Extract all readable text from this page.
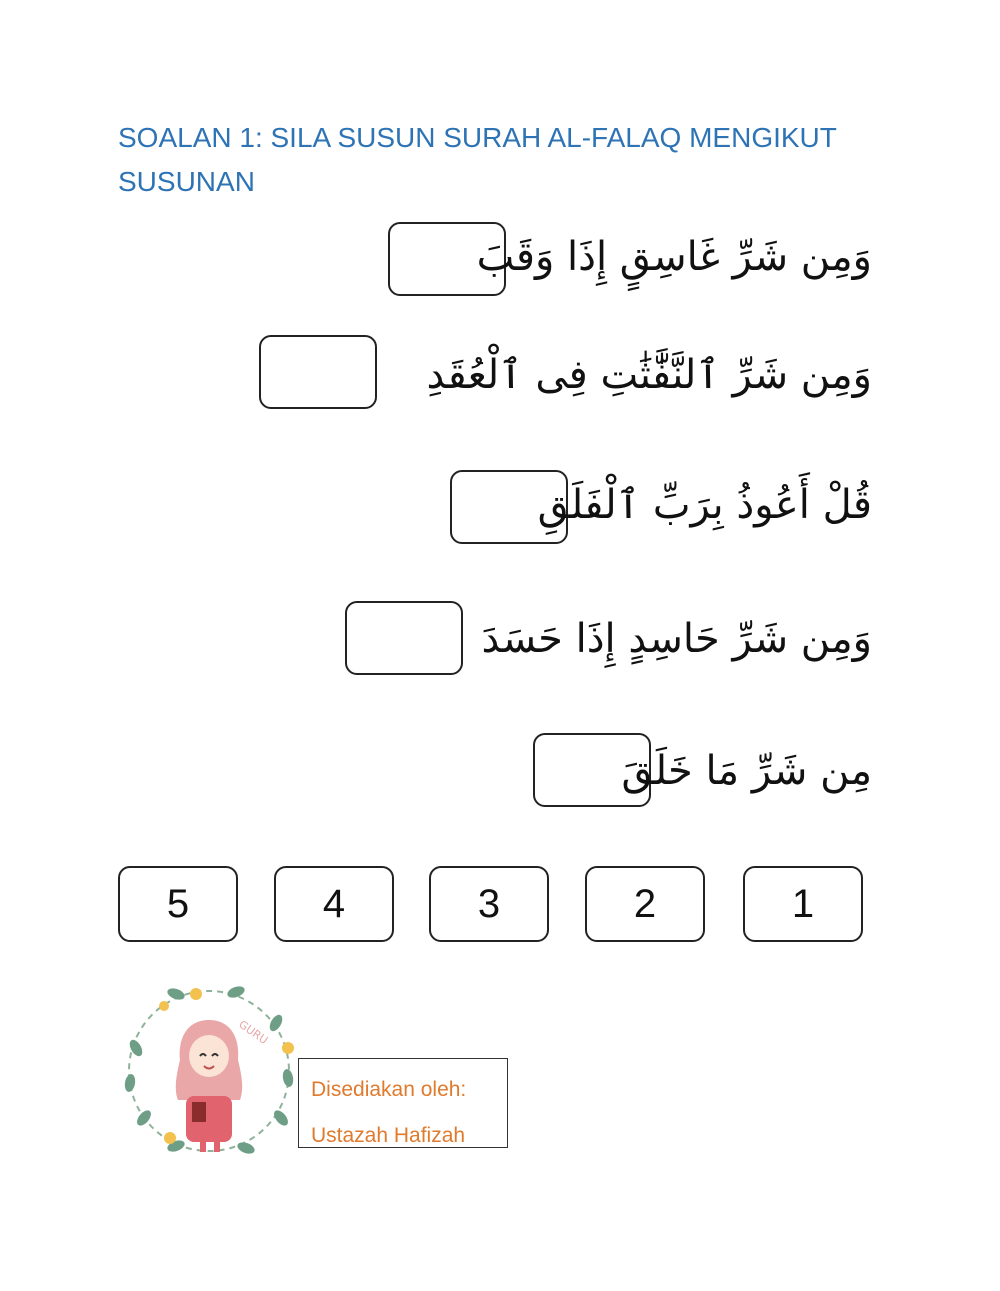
SOALAN 1: SILA SUSUN SURAH AL-FALAQ MENGIKUT SUSUNAN
وَمِن شَرِّ غَاسِقٍ إِذَا وَقَبَ
وَمِن شَرِّ ٱلنَّفَّٰثَٰتِ فِى ٱلْعُقَدِ
قُلْ أَعُوذُ بِرَبِّ ٱلْفَلَقِ
وَمِن شَرِّ حَاسِدٍ إِذَا حَسَدَ
مِن شَرِّ مَا خَلَقَ
5	4	3	2	1
GURU
Disediakan oleh:
Ustazah Hafizah
